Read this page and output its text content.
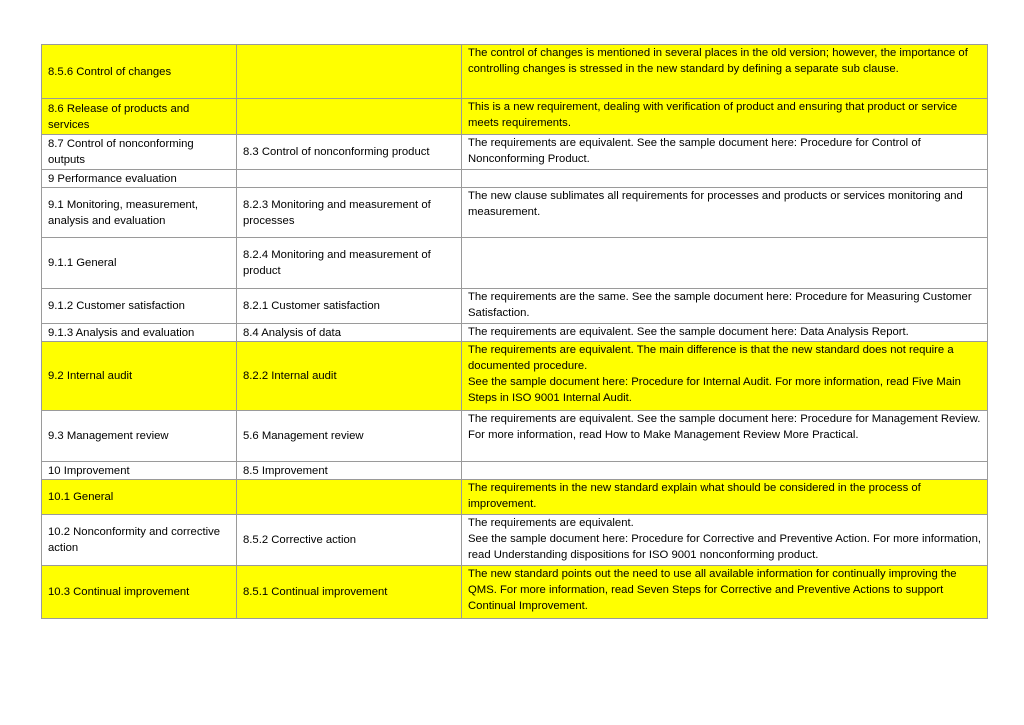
8.5.6 Control of changes		The control of changes is mentioned in several places in the old version; however, the importance of controlling changes is stressed in the new standard by defining a separate sub clause.

8.6 Release of products and services		This is a new requirement, dealing with verification of product and ensuring that product or service meets requirements.

8.7 Control of nonconforming outputs	8.3 Control of nonconforming product	The requirements are equivalent. See the sample document here: Procedure for Control of Nonconforming Product.

9 Performance evaluation		
9.1 Monitoring, measurement, analysis and evaluation	8.2.3 Monitoring and measurement of processes	The new clause sublimates all requirements for processes and products or services monitoring and measurement.

9.1.1 General	8.2.4 Monitoring and measurement of product	
9.1.2 Customer satisfaction	8.2.1 Customer satisfaction	The requirements are the same. See the sample document here: Procedure for Measuring Customer Satisfaction.

9.1.3 Analysis and evaluation	8.4 Analysis of data	The requirements are equivalent. See the sample document here: Data Analysis Report.

9.2 Internal audit	8.2.2 Internal audit	The requirements are equivalent. The main difference is that the new standard does not require a documented procedure.
See the sample document here: Procedure for Internal Audit. For more information, read Five Main Steps in ISO 9001 Internal Audit.

9.3 Management review	5.6 Management review	The requirements are equivalent. See the sample document here: Procedure for Management Review.
For more information, read How to Make Management Review More Practical.

10 Improvement	8.5 Improvement	
10.1 General		The requirements in the new standard explain what should be considered in the process of improvement.

10.2 Nonconformity and corrective action	8.5.2 Corrective action	The requirements are equivalent.
See the sample document here: Procedure for Corrective and Preventive Action. For more information, read Understanding dispositions for ISO 9001 nonconforming product.

10.3 Continual improvement	8.5.1 Continual improvement	The new standard points out the need to use all available information for continually improving the QMS. For more information, read Seven Steps for Corrective and Preventive Actions to support Continual Improvement.
